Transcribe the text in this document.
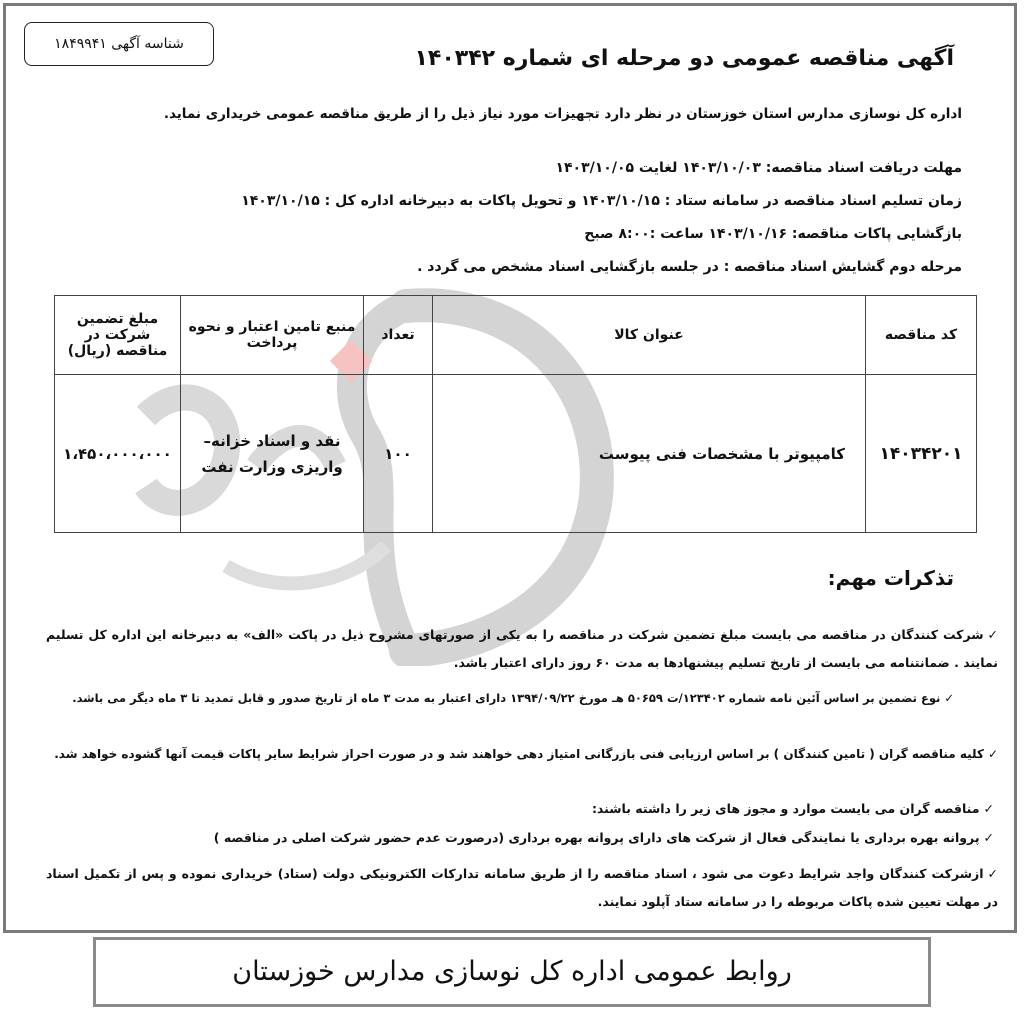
شناسه آگهی ۱۸۴۹۹۴۱
آگهی مناقصه عمومی دو مرحله ای شماره ۱۴۰۳۴۲
اداره کل نوسازی مدارس استان خوزستان در نظر دارد تجهیزات مورد نیاز ذیل را از طریق مناقصه عمومی خریداری نماید.
مهلت دریافت اسناد مناقصه: ۱۴۰۳/۱۰/۰۳ لغایت ۱۴۰۳/۱۰/۰۵
زمان تسلیم اسناد مناقصه در سامانه ستاد : ۱۴۰۳/۱۰/۱۵ و تحویل پاکات به دبیرخانه اداره کل : ۱۴۰۳/۱۰/۱۵
بازگشایی پاکات مناقصه: ۱۴۰۳/۱۰/۱۶ ساعت :۸:۰۰ صبح
مرحله دوم گشایش اسناد مناقصه : در جلسه بازگشایی اسناد مشخص می گردد .
کد مناقصه	عنوان کالا	تعداد	منبع تامین اعتبار و نحوه پرداخت	مبلغ تضمین شرکت در مناقصه (ریال)
۱۴۰۳۴۲۰۱	کامپیوتر با مشخصات فنی پیوست	۱۰۰	نقد و اسناد خزانه– واریزی وزارت نفت	۱،۴۵۰،۰۰۰،۰۰۰
تذکرات مهم:
✓شرکت کنندگان در مناقصه می بایست مبلغ تضمین شرکت در مناقصه را به یکی از صورتهای مشروح ذیل در پاکت «الف» به دبیرخانه این اداره کل تسلیم نمایند . ضمانتنامه می بایست از تاریخ تسلیم پیشنهادها به مدت ۶۰ روز دارای اعتبار باشد.
✓نوع تضمین بر اساس آئین نامه شماره ۱۲۳۴۰۲/ت ۵۰۶۵۹ هـ مورخ ۱۳۹۴/۰۹/۲۲ دارای اعتبار به مدت ۳ ماه از تاریخ صدور و قابل تمدید تا ۳ ماه دیگر می باشد.
✓کلیه مناقصه گران ( تامین کنندگان ) بر اساس ارزیابی فنی بازرگانی امتیاز دهی خواهند شد و در صورت احراز شرایط سایر پاکات قیمت آنها گشوده خواهد شد.
✓مناقصه گران می بایست موارد و مجوز های زیر را داشته باشند:
✓پروانه بهره برداری یا نمایندگی فعال از شرکت های دارای پروانه بهره برداری (درصورت عدم حضور شرکت اصلی در مناقصه )
✓ازشرکت کنندگان واجد شرایط دعوت می شود ، اسناد مناقصه را از طریق سامانه تدارکات الکترونیکی دولت (ستاد) خریداری نموده و پس از تکمیل اسناد در مهلت تعیین شده پاکات مربوطه را در سامانه ستاد آپلود نمایند.
روابط عمومی اداره کل نوسازی مدارس خوزستان
